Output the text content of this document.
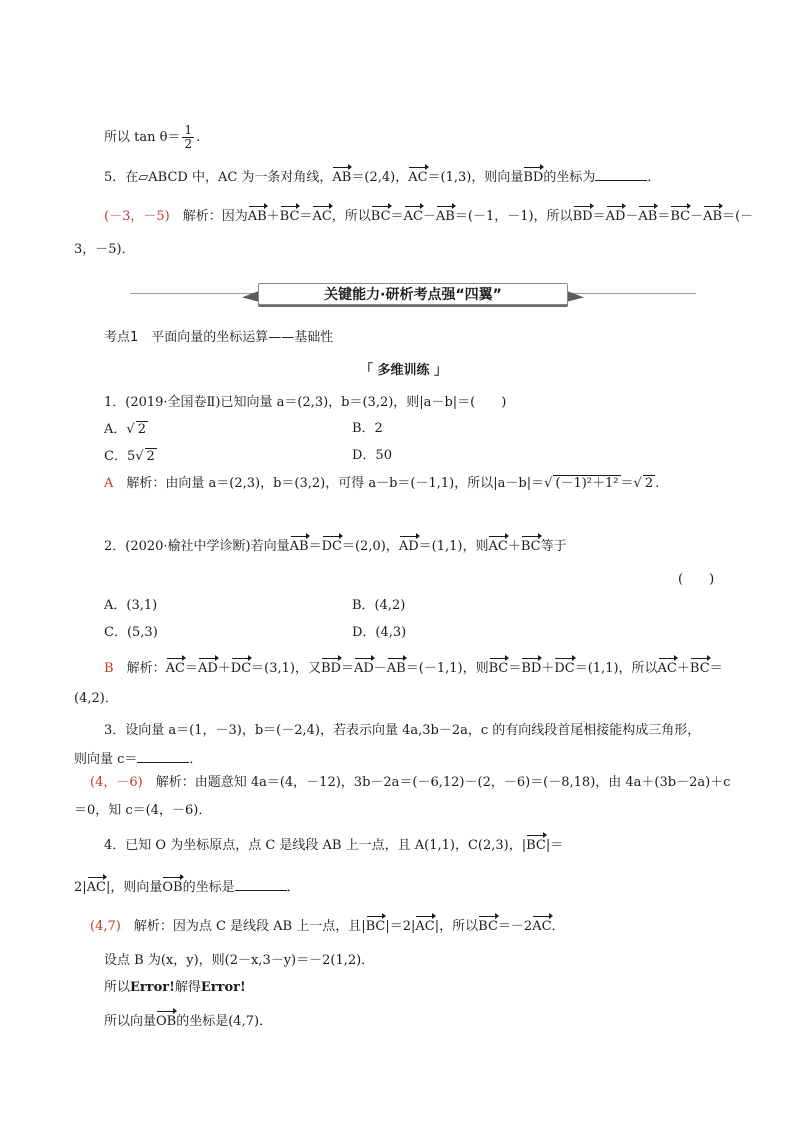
所以 $\tan \theta= \frac{1}{2}$ .
5．在▱ABCD 中，AC 为一条对角线，AB＝(2,4)，AC＝(1,3)，则向量BD的坐标为	．
(－3，－5)　解析：因为AB＋BC＝AC，所以BC＝AC－AB＝(－1，－1)，所以BD＝AD－AB＝BC－AB＝(－
3，－5)．
关键能力·研析考点强“四翼”
考点1　平面向量的坐标运算——基础性
「 多维训练 」
1．(2019·全国卷Ⅱ)已知向量 a＝(2,3)，b＝(3,2)，则|a－b|＝(　　)
A．√ 2	B．2
C．5√ 2	D．50
A　解析：由向量 a＝(2,3)，b＝(3,2)，可得 a－b＝(－1,1)，所以|a－b|＝√ (－1)²＋1² ＝√ 2 .
2．(2020·榆社中学诊断)若向量AB＝DC＝(2,0)，AD＝(1,1)，则AC＋BC等于
(　　)
A．(3,1)	B．(4,2)
C．(5,3)	D．(4,3)
B　解析：AC＝AD＋DC＝(3,1)，又BD＝AD－AB＝(－1,1)，则BC＝BD＋DC＝(1,1)，所以AC＋BC＝
(4,2)．
3．设向量 a＝(1，－3)，b＝(－2,4)，若表示向量 4a,3b－2a，c 的有向线段首尾相接能构成三角形，
则向量 c＝	．
(4，－6)　解析：由题意知 4a＝(4，－12)，3b－2a＝(－6,12)－(2，－6)＝(－8,18)，由 4a＋(3b－2a)＋c
＝0，知 c＝(4，－6)．
4．已知 O 为坐标原点，点 C 是线段 AB 上一点，且 A(1,1)，C(2,3)，|BC|＝
2|AC|，则向量OB的坐标是	．
(4,7)　解析：因为点 C 是线段 AB 上一点，且|BC|＝2|AC|，所以BC＝－2AC．
设点 B 为(x，y)，则(2－x,3－y)＝－2(1,2)．
所以Error!解得Error!
所以向量OB的坐标是(4,7)．
